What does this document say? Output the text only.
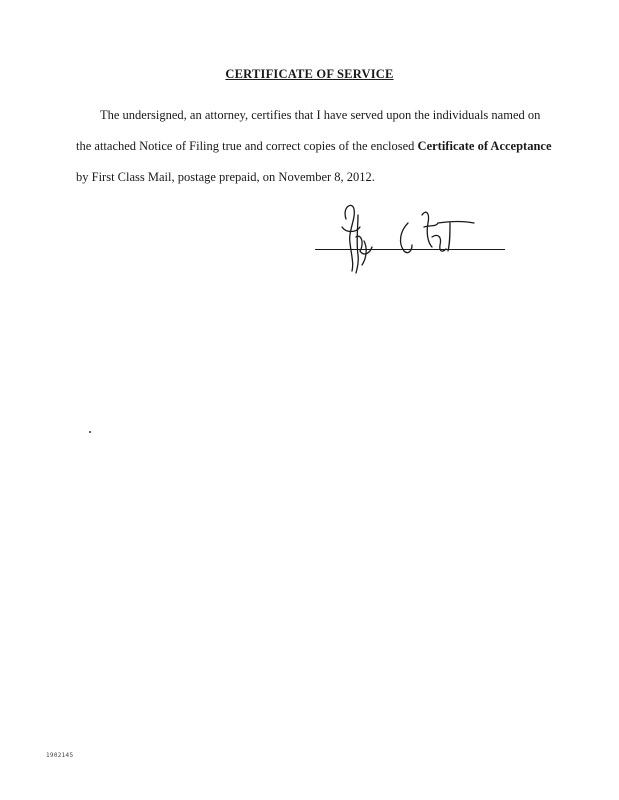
CERTIFICATE OF SERVICE

The undersigned, an attorney, certifies that I have served upon the individuals named on
the attached Notice of Filing true and correct copies of the enclosed Certificate of Acceptance
by First Class Mail, postage prepaid, on November 8, 2012.

1902145
